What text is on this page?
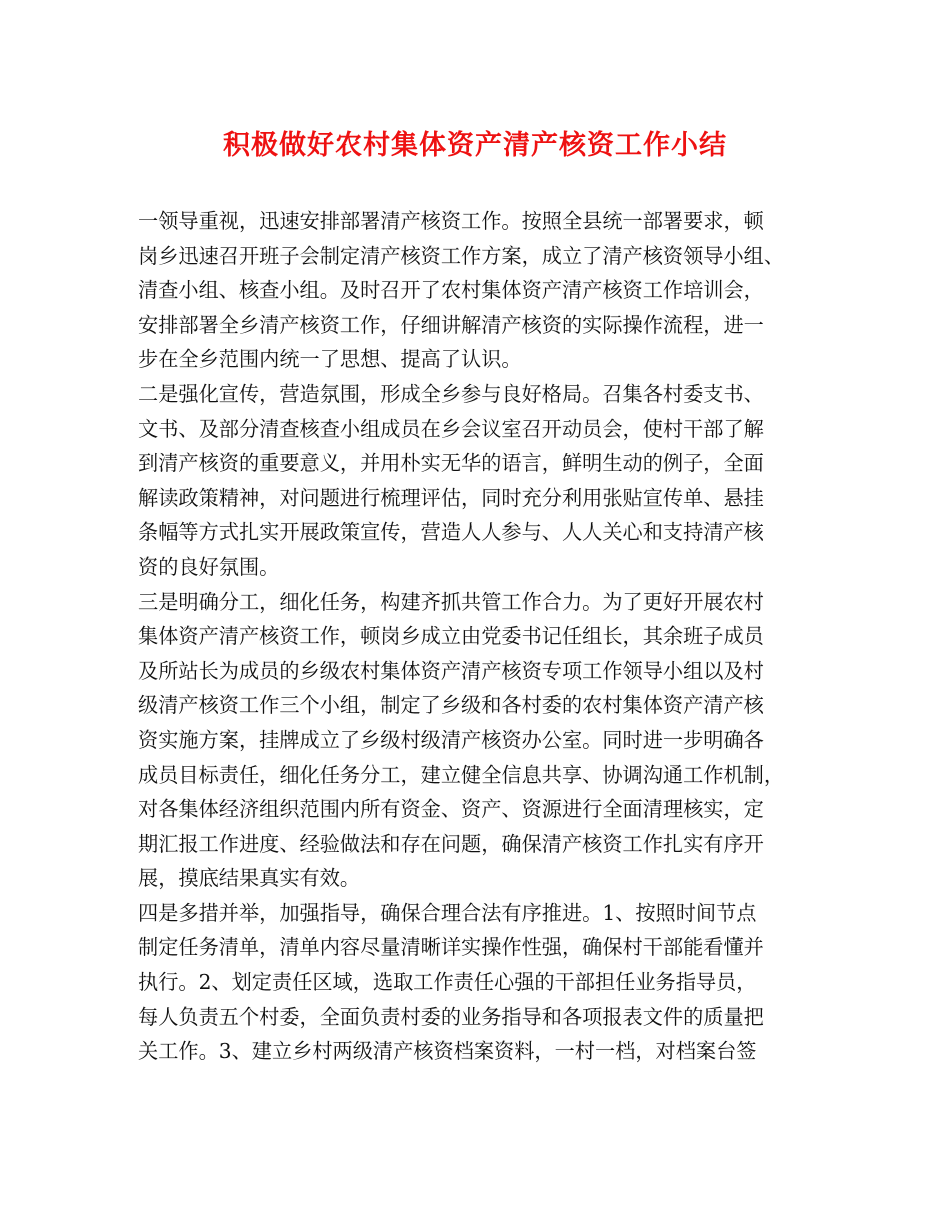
积极做好农村集体资产清产核资工作小结
一领导重视，迅速安排部署清产核资工作。按照全县统一部署要求，顿
岗乡迅速召开班子会制定清产核资工作方案，成立了清产核资领导小组、
清查小组、核查小组。及时召开了农村集体资产清产核资工作培训会，
安排部署全乡清产核资工作，仔细讲解清产核资的实际操作流程，进一
步在全乡范围内统一了思想、提高了认识。
二是强化宣传，营造氛围，形成全乡参与良好格局。召集各村委支书、
文书、及部分清查核查小组成员在乡会议室召开动员会，使村干部了解
到清产核资的重要意义，并用朴实无华的语言，鲜明生动的例子，全面
解读政策精神，对问题进行梳理评估，同时充分利用张贴宣传单、悬挂
条幅等方式扎实开展政策宣传，营造人人参与、人人关心和支持清产核
资的良好氛围。
三是明确分工，细化任务，构建齐抓共管工作合力。为了更好开展农村
集体资产清产核资工作，顿岗乡成立由党委书记任组长，其余班子成员
及所站长为成员的乡级农村集体资产清产核资专项工作领导小组以及村
级清产核资工作三个小组，制定了乡级和各村委的农村集体资产清产核
资实施方案，挂牌成立了乡级村级清产核资办公室。同时进一步明确各
成员目标责任，细化任务分工，建立健全信息共享、协调沟通工作机制，
对各集体经济组织范围内所有资金、资产、资源进行全面清理核实，定
期汇报工作进度、经验做法和存在问题，确保清产核资工作扎实有序开
展，摸底结果真实有效。
四是多措并举，加强指导，确保合理合法有序推进。1、按照时间节点
制定任务清单，清单内容尽量清晰详实操作性强，确保村干部能看懂并
执行。2、划定责任区域，选取工作责任心强的干部担任业务指导员，
每人负责五个村委，全面负责村委的业务指导和各项报表文件的质量把
关工作。3、建立乡村两级清产核资档案资料，一村一档，对档案台签
